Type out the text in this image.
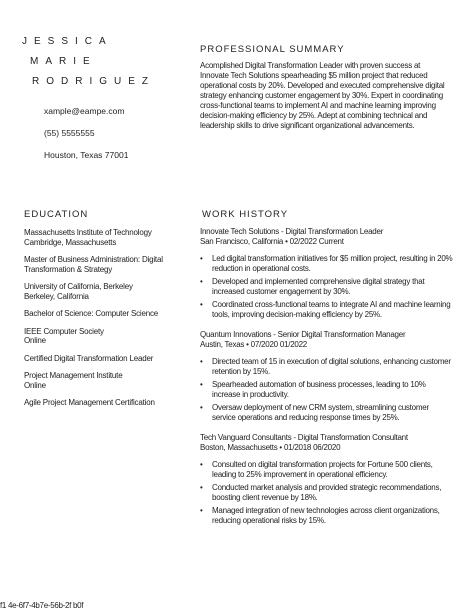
JESSICA
MARIE
RODRIGUEZ
xample@eampe.com
(55) 5555555
Houston, Texas 77001
PROFESSIONAL SUMMARY
Acomplished Digital Transformation Leader with proven success at Innovate Tech Solutions spearheading $5 million project that reduced operational costs by 20%. Developed and executed comprehensive digital strategy enhancing customer engagement by 30%. Expert in coordinating cross-functional teams to implement AI and machine learning improving decision-making efficiency by 25%. Adept at combining technical and leadership skills to drive significant organizational advancements.
EDUCATION
Massachusetts Institute of Technology
Cambridge, Massachusetts
Master of Business Administration: Digital Transformation & Strategy
University of California, Berkeley
Berkeley, California
Bachelor of Science: Computer Science
IEEE Computer Society
Online
Certified Digital Transformation Leader
Project Management Institute
Online
Agile Project Management Certification
WORK HISTORY
Innovate Tech Solutions - Digital Transformation Leader
San Francisco, California • 02/2022 Current
• Led digital transformation initiatives for $5 million project, resulting in 20% reduction in operational costs.
• Developed and implemented comprehensive digital strategy that increased customer engagement by 30%.
• Coordinated cross-functional teams to integrate AI and machine learning tools, improving decision-making efficiency by 25%.
Quantum Innovations - Senior Digital Transformation Manager
Austin, Texas • 07/2020 01/2022
• Directed team of 15 in execution of digital solutions, enhancing customer retention by 15%.
• Spearheaded automation of business processes, leading to 10% increase in productivity.
• Oversaw deployment of new CRM system, streamlining customer service operations and reducing response times by 25%.
Tech Vanguard Consultants - Digital Transformation Consultant
Boston, Massachusetts • 01/2018 06/2020
• Consulted on digital transformation projects for Fortune 500 clients, leading to 25% improvement in operational efficiency.
• Conducted market analysis and provided strategic recommendations, boosting client revenue by 18%.
• Managed integration of new technologies across client organizations, reducing operational risks by 15%.
f1 4e-6f7-4b7e-56b-2f b0f
